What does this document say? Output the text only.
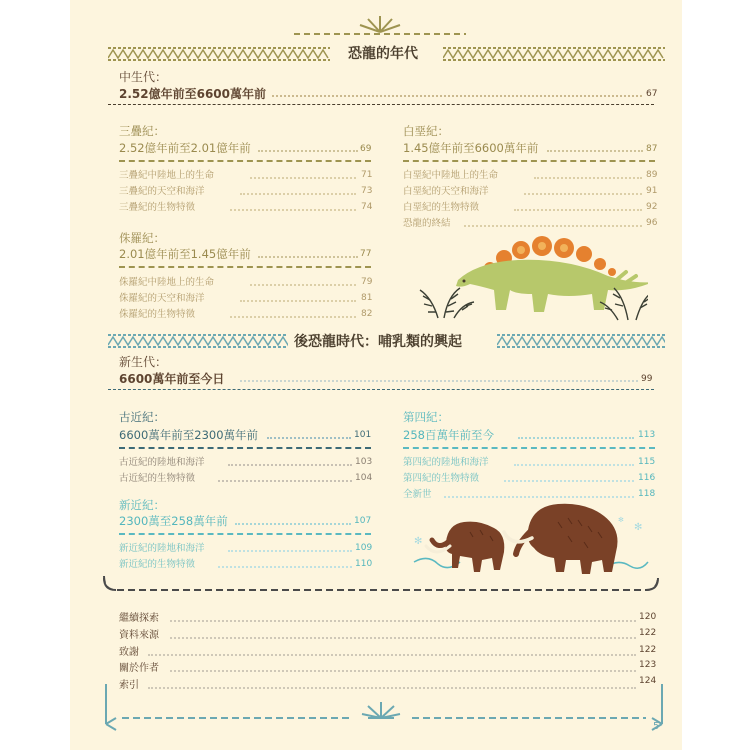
恐龍的年代
中生代：
2.52億年前至6600萬年前	67
三疊紀：
2.52億年前至2.01億年前	69
三疊紀中陸地上的生命	71
三疊紀的天空和海洋	73
三疊紀的生物特徵	74
侏羅紀：
2.01億年前至1.45億年前	77
侏羅紀中陸地上的生命	79
侏羅紀的天空和海洋	81
侏羅紀的生物特徵	82
白堊紀：
1.45億年前至6600萬年前	87
白堊紀中陸地上的生命	89
白堊紀的天空和海洋	91
白堊紀的生物特徵	92
恐龍的終結	96
後恐龍時代：哺乳類的興起
新生代：
6600萬年前至今日	99
古近紀：
6600萬年前至2300萬年前	101
古近紀的陸地和海洋	103
古近紀的生物特徵	104
新近紀：
2300萬至258萬年前	107
新近紀的陸地和海洋	109
新近紀的生物特徵	110
第四紀：
258百萬年前至今	113
第四紀的陸地和海洋	115
第四紀的生物特徵	116
全新世	118
✻
✻
✻
繼續探索	120
資料來源	122
致謝	122
關於作者	123
索引	124
5
